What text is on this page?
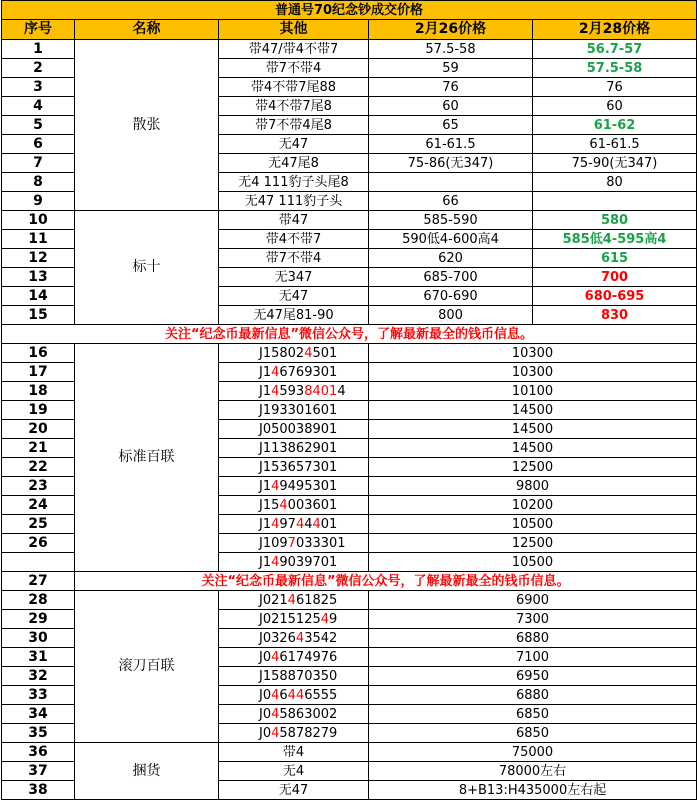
普通号70纪念钞成交价格				
序号	名称	其他	2月26价格	2月28价格
1	散张	带47/带4不带7	57.5-58	56.7-57
2		带7不带4	59	57.5-58
3		带4不带7尾88	76	76
4		带4不带7尾8	60	60
5		带7不带4尾8	65	61-62
6		无47	61-61.5	61-61.5
7		无47尾8	75-86(无347)	75-90(无347)
8		无4 111豹子头尾8		80
9		无47 111豹子头	66	
10	标十	带47	585-590	580
11		带4不带7	590低4-600高4	585低4-595高4
12		带7不带4	620	615
13		无347	685-700	700
14		无47	670-690	680-695
15		无47尾81-90	800	830
关注“纪念币最新信息”微信公众号，了解最新最全的钱币信息。				
16	标准百联	J158024501	10300	
17		J146769301	10300	
18		J1459384014	10100	
19		J193301601	14500	
20		J050038901	14500	
21		J113862901	14500	
22		J153657301	12500	
23		J149495301	9800	
24		J154003601	10200	
25		J149744401	10500	
26		J1097033301	12500	
		J149039701	10500	
27	关注“纪念币最新信息”微信公众号，了解最新最全的钱币信息。			
28	滚刀百联	J021461825	6900	
29		J021512549	7300	
30		J032643542	6880	
31		J046174976	7100	
32		J158870350	6950	
33		J046446555	6880	
34		J045863002	6850	
35		J045878279	6850	
36	捆货	带4	75000	
37		无4	78000左右	
38		无47	8+B13:H435000左右起	
